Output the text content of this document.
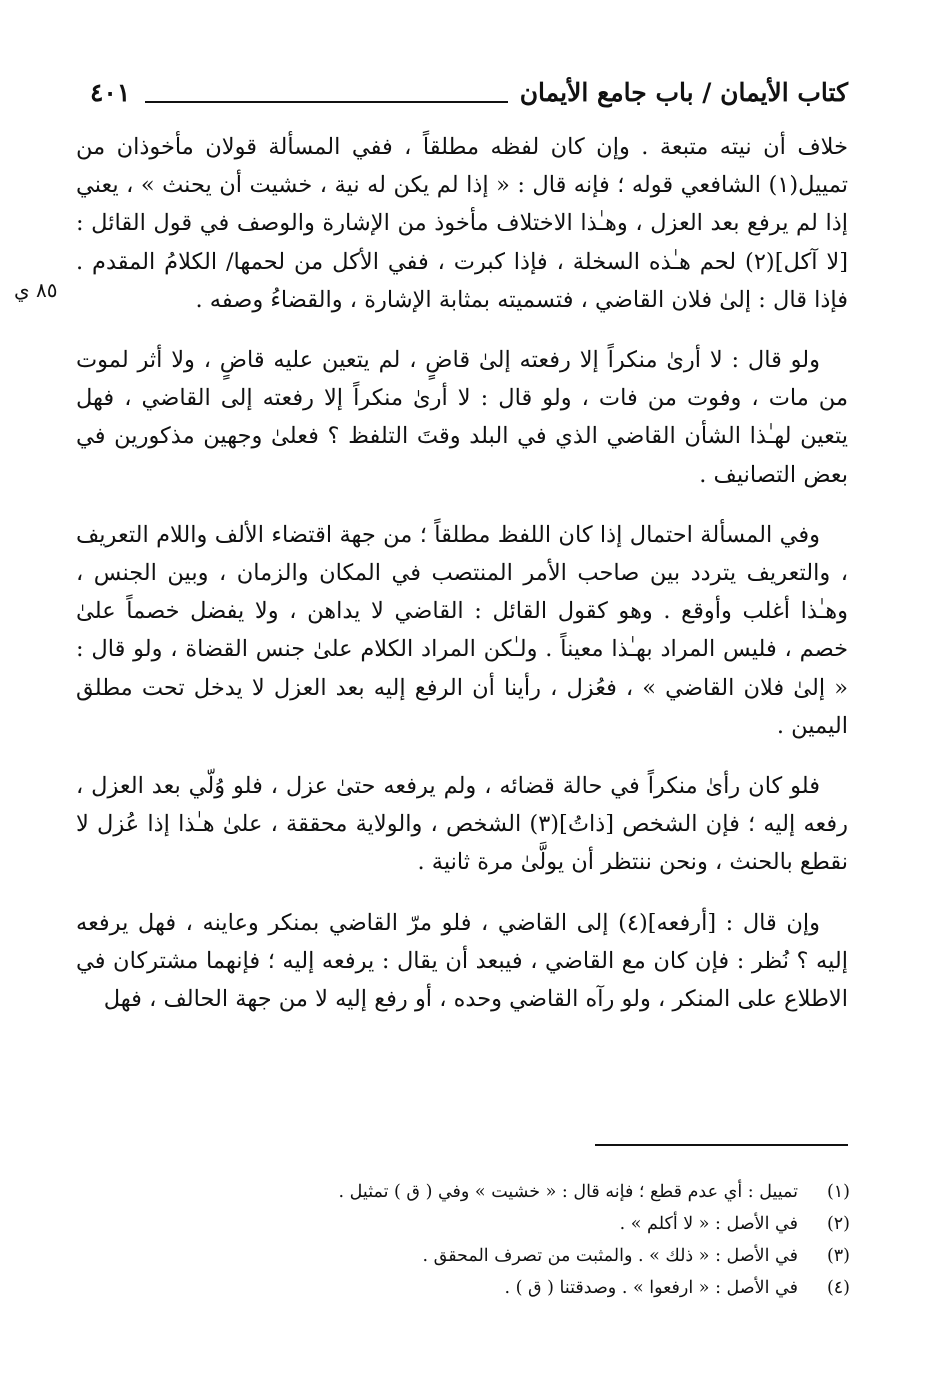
كتاب الأيمان / باب جامع الأيمان
٤٠١
٨٥ ي

خلاف أن نيته متبعة . وإن كان لفظه مطلقاً ، ففي المسألة قولان مأخوذان من تمييل(١) الشافعي قوله ؛ فإنه قال : « إذا لم يكن له نية ، خشيت أن يحنث » ، يعني إذا لم يرفع بعد العزل ، وهـٰذا الاختلاف مأخوذ من الإشارة والوصف في قول القائل : [لا آكل](٢) لحم هـٰذه السخلة ، فإذا كبرت ، ففي الأكل من لحمها/ الكلامُ المقدم . فإذا قال : إلىٰ فلان القاضي ، فتسميته بمثابة الإشارة ، والقضاءُ وصفه .

ولو قال : لا أرىٰ منكراً إلا رفعته إلىٰ قاضٍ ، لم يتعين عليه قاضٍ ، ولا أثر لموت من مات ، وفوت من فات ، ولو قال : لا أرىٰ منكراً إلا رفعته إلى القاضي ، فهل يتعين لهـٰذا الشأن القاضي الذي في البلد وقتَ التلفظ ؟ فعلىٰ وجهين مذكورين في بعض التصانيف .

وفي المسألة احتمال إذا كان اللفظ مطلقاً ؛ من جهة اقتضاء الألف واللام التعريف ، والتعريف يتردد بين صاحب الأمر المنتصب في المكان والزمان ، وبين الجنس ، وهـٰذا أغلب وأوقع . وهو كقول القائل : القاضي لا يداهن ، ولا يفضل خصماً علىٰ خصم ، فليس المراد بهـٰذا معيناً . ولـٰكن المراد الكلام علىٰ جنس القضاة ، ولو قال : « إلىٰ فلان القاضي » ، فعُزل ، رأينا أن الرفع إليه بعد العزل لا يدخل تحت مطلق اليمين .

فلو كان رأىٰ منكراً في حالة قضائه ، ولم يرفعه حتىٰ عزل ، فلو وُلّي بعد العزل ، رفعه إليه ؛ فإن الشخص [ذاتُ](٣) الشخص ، والولاية محققة ، علىٰ هـٰذا إذا عُزل لا نقطع بالحنث ، ونحن ننتظر أن يولَّىٰ مرة ثانية .

وإن قال : [أرفعه](٤) إلى القاضي ، فلو مرّ القاضي بمنكر وعاينه ، فهل يرفعه إليه ؟ نُظر : فإن كان مع القاضي ، فيبعد أن يقال : يرفعه إليه ؛ فإنهما مشتركان في الاطلاع على المنكر ، ولو رآه القاضي وحده ، أو رفع إليه لا من جهة الحالف ، فهل

(١)
تمييل : أي عدم قطع ؛ فإنه قال : « خشيت » وفي ( ق ) تمثيل .
(٢)
في الأصل : « لا أكلم » .
(٣)
في الأصل : « ذلك » . والمثبت من تصرف المحقق .
(٤)
في الأصل : « ارفعوا » . وصدقتنا ( ق ) .
